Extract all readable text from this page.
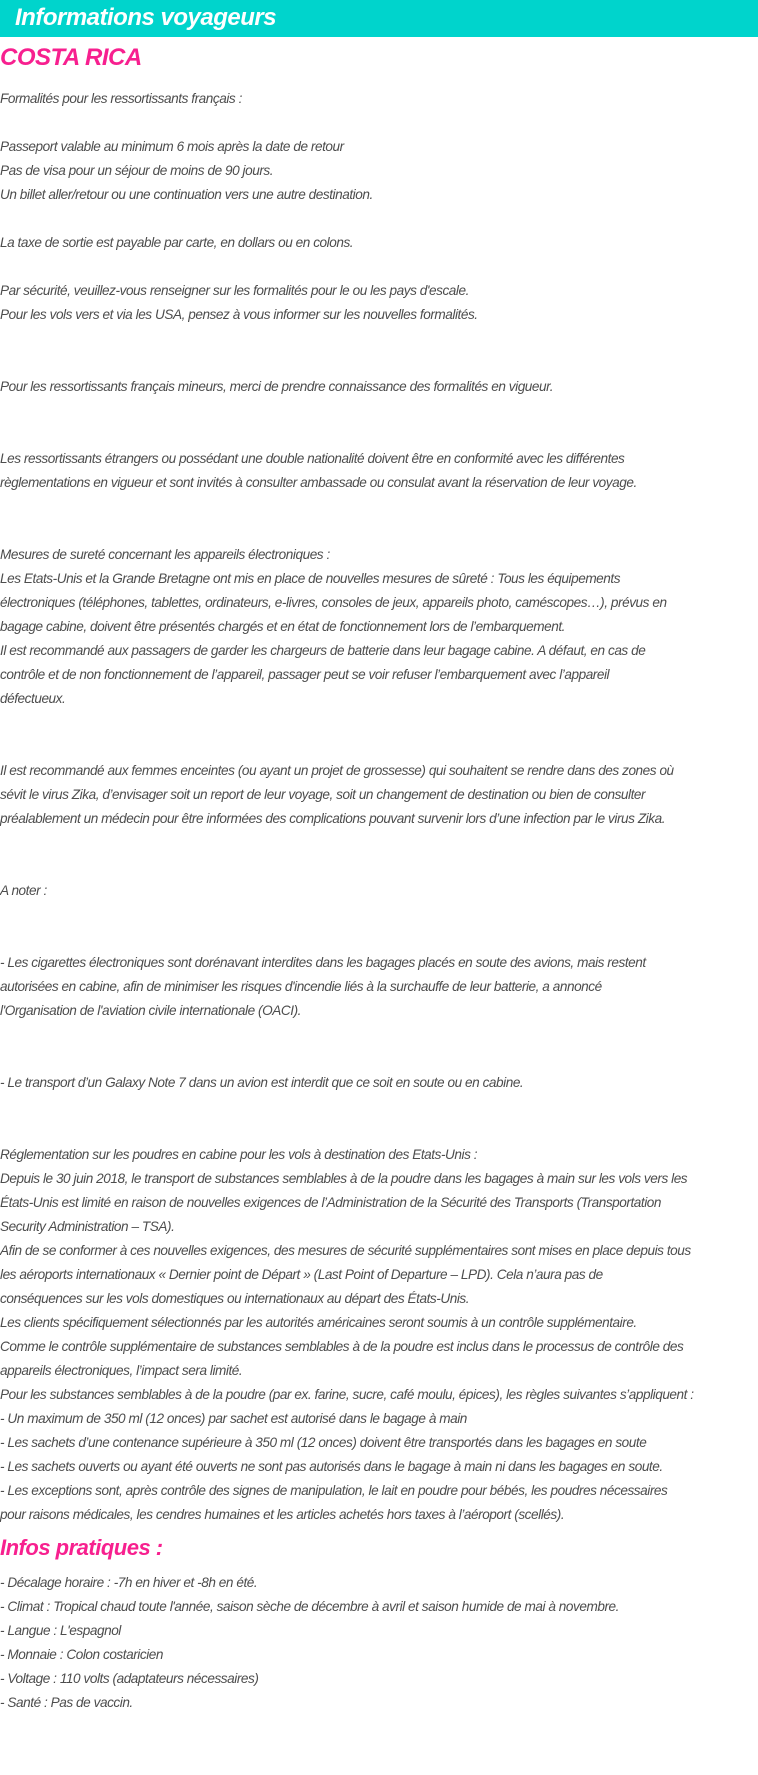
Informations voyageurs
COSTA RICA
Formalités pour les ressortissants français :
Passeport valable au minimum 6 mois après la date de retour
Pas de visa pour un séjour de moins de 90 jours.
Un billet aller/retour ou une continuation vers une autre destination.
La taxe de sortie est payable par carte, en dollars ou en colons.
Par sécurité, veuillez-vous renseigner sur les formalités pour le ou les pays d'escale.
Pour les vols vers et via les USA, pensez à vous informer sur les nouvelles formalités.
Pour les ressortissants français mineurs, merci de prendre connaissance des formalités en vigueur.
Les ressortissants étrangers ou possédant une double nationalité doivent être en conformité avec les différentes
règlementations en vigueur et sont invités à consulter ambassade ou consulat avant la réservation de leur voyage.
Mesures de sureté concernant les appareils électroniques :
Les Etats-Unis et la Grande Bretagne ont mis en place de nouvelles mesures de sûreté : Tous les équipements
électroniques (téléphones, tablettes, ordinateurs, e-livres, consoles de jeux, appareils photo, caméscopes…), prévus en
bagage cabine, doivent être présentés chargés et en état de fonctionnement lors de l’embarquement.
Il est recommandé aux passagers de garder les chargeurs de batterie dans leur bagage cabine. A défaut, en cas de
contrôle et de non fonctionnement de l’appareil, passager peut se voir refuser l’embarquement avec l’appareil
défectueux.
Il est recommandé aux femmes enceintes (ou ayant un projet de grossesse) qui souhaitent se rendre dans des zones où
sévit le virus Zika, d’envisager soit un report de leur voyage, soit un changement de destination ou bien de consulter
préalablement un médecin pour être informées des complications pouvant survenir lors d’une infection par le virus Zika.
A noter :
- Les cigarettes électroniques sont dorénavant interdites dans les bagages placés en soute des avions, mais restent
autorisées en cabine, afin de minimiser les risques d'incendie liés à la surchauffe de leur batterie, a annoncé
l'Organisation de l'aviation civile internationale (OACI).
- Le transport d’un Galaxy Note 7 dans un avion est interdit que ce soit en soute ou en cabine.
Réglementation sur les poudres en cabine pour les vols à destination des Etats-Unis :
Depuis le 30 juin 2018, le transport de substances semblables à de la poudre dans les bagages à main sur les vols vers les
États-Unis est limité en raison de nouvelles exigences de l’Administration de la Sécurité des Transports (Transportation
Security Administration – TSA).
Afin de se conformer à ces nouvelles exigences, des mesures de sécurité supplémentaires sont mises en place depuis tous
les aéroports internationaux « Dernier point de Départ » (Last Point of Departure – LPD). Cela n’aura pas de
conséquences sur les vols domestiques ou internationaux au départ des États-Unis.
Les clients spécifiquement sélectionnés par les autorités américaines seront soumis à un contrôle supplémentaire.
Comme le contrôle supplémentaire de substances semblables à de la poudre est inclus dans le processus de contrôle des
appareils électroniques, l’impact sera limité.
Pour les substances semblables à de la poudre (par ex. farine, sucre, café moulu, épices), les règles suivantes s’appliquent :
- Un maximum de 350 ml (12 onces) par sachet est autorisé dans le bagage à main
- Les sachets d’une contenance supérieure à 350 ml (12 onces) doivent être transportés dans les bagages en soute
- Les sachets ouverts ou ayant été ouverts ne sont pas autorisés dans le bagage à main ni dans les bagages en soute.
- Les exceptions sont, après contrôle des signes de manipulation, le lait en poudre pour bébés, les poudres nécessaires
pour raisons médicales, les cendres humaines et les articles achetés hors taxes à l’aéroport (scellés).
Infos pratiques :
- Décalage horaire : -7h en hiver et -8h en été.
- Climat : Tropical chaud toute l'année, saison sèche de décembre à avril et saison humide de mai à novembre.
- Langue : L'espagnol
- Monnaie : Colon costaricien
- Voltage : 110 volts (adaptateurs nécessaires)
- Santé : Pas de vaccin.
